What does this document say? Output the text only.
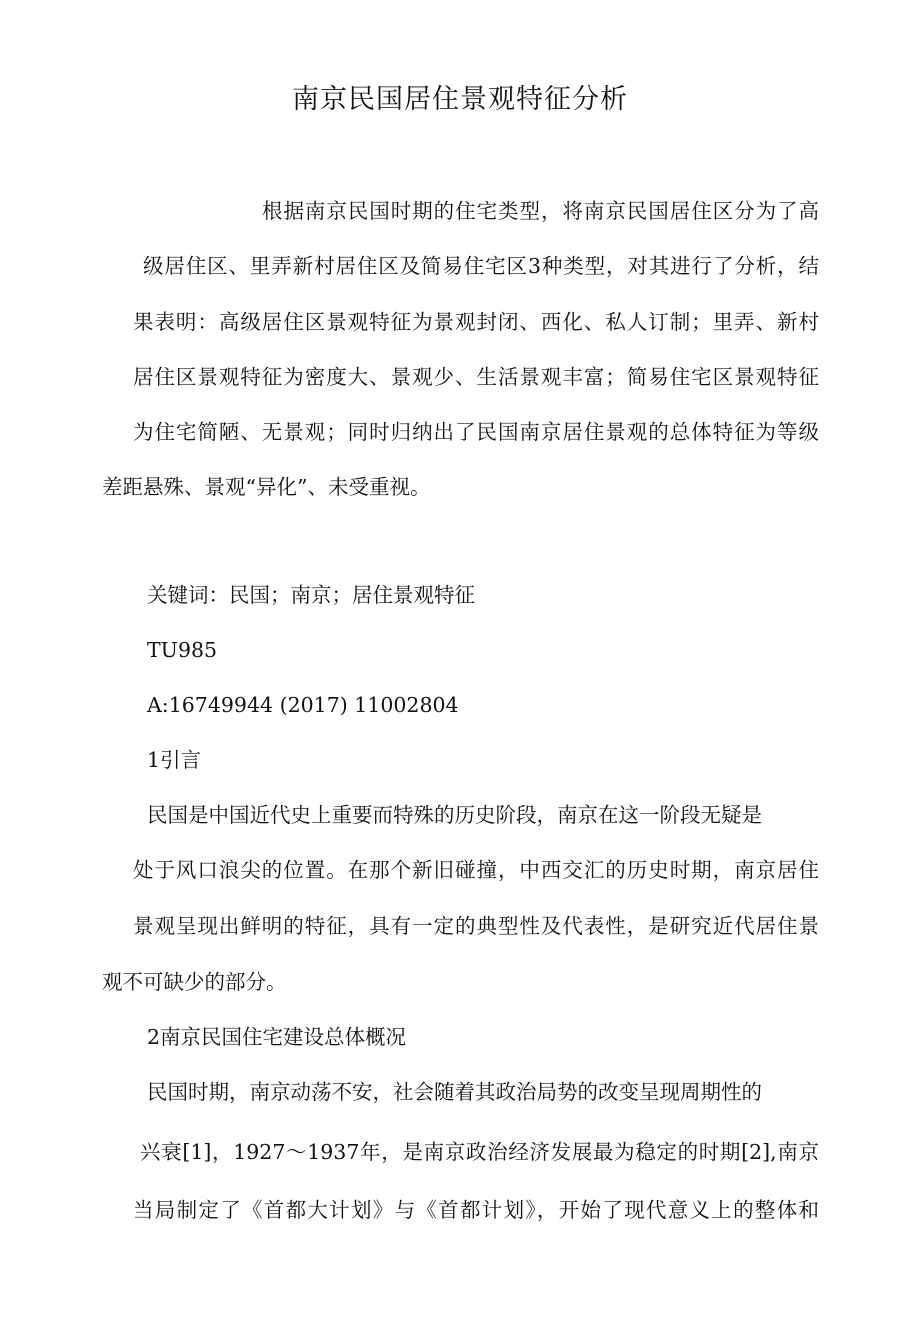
南京民国居住景观特征分析

根据南京民国时期的住宅类型，将南京民国居住区分为了高

级居住区、里弄新村居住区及简易住宅区3种类型，对其进行了分析，结

果表明：高级居住区景观特征为景观封闭、西化、私人订制；里弄、新村

居住区景观特征为密度大、景观少、生活景观丰富；简易住宅区景观特征

为住宅简陋、无景观；同时归纳出了民国南京居住景观的总体特征为等级

差距悬殊、景观“异化”、未受重视。

关键词：民国；南京；居住景观特征

TU985

A:16749944 (2017) 11002804

1引言

民国是中国近代史上重要而特殊的历史阶段，南京在这一阶段无疑是

处于风口浪尖的位置。在那个新旧碰撞，中西交汇的历史时期，南京居住

景观呈现出鲜明的特征，具有一定的典型性及代表性，是研究近代居住景

观不可缺少的部分。

2南京民国住宅建设总体概况

民国时期，南京动荡不安，社会随着其政治局势的改变呈现周期性的

兴衰[1]，1927～1937年，是南京政治经济发展最为稳定的时期[2],南京

当局制定了《首都大计划》与《首都计划》，开始了现代意义上的整体和
